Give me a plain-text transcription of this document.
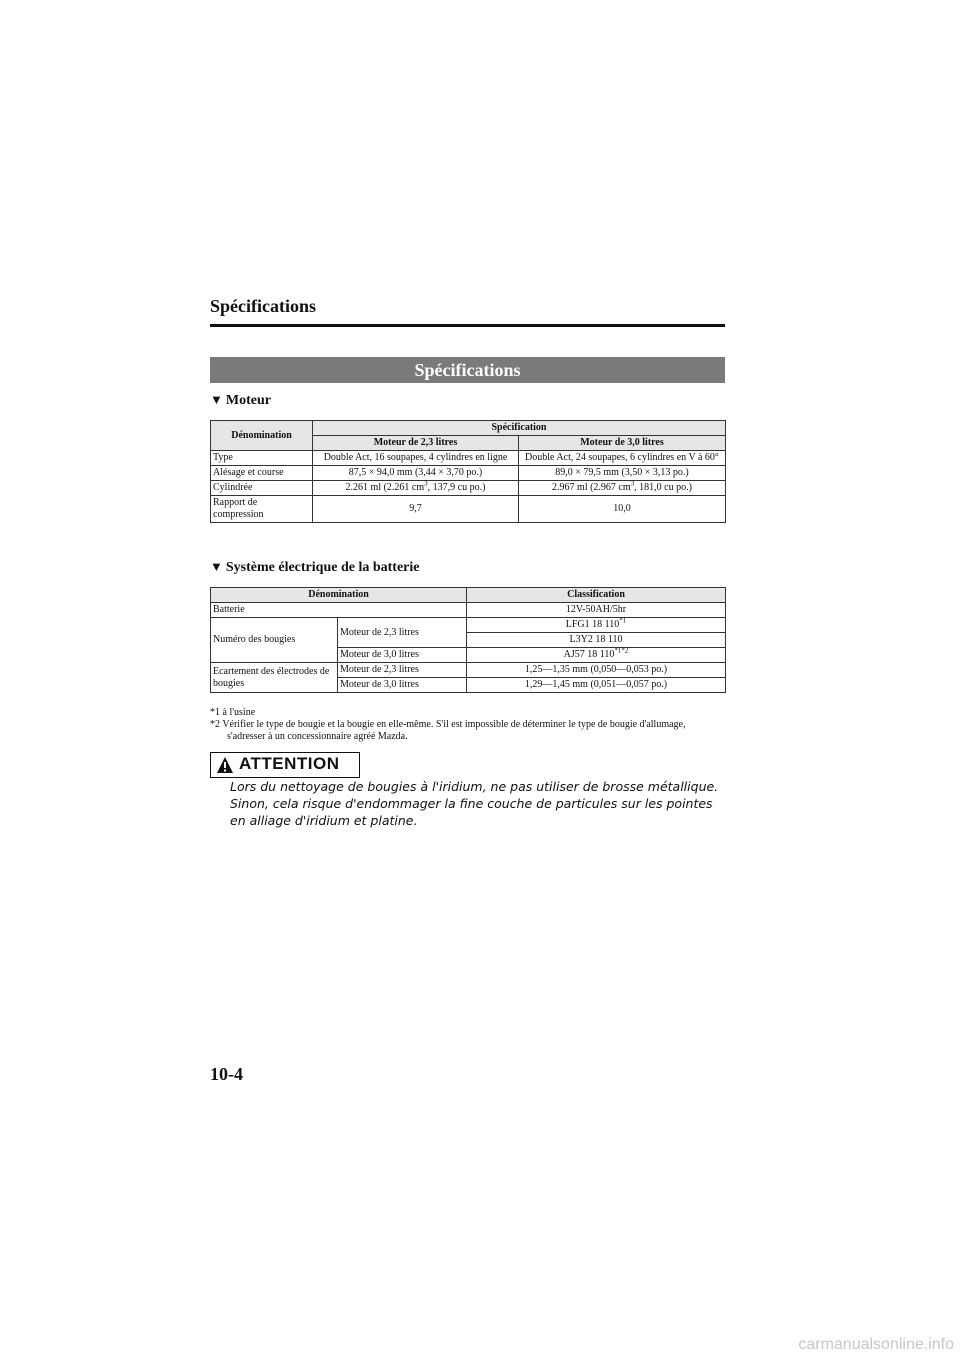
Spécifications
Spécifications
▼ Moteur
Dénomination	Spécification	
	Moteur de 2,3 litres	Moteur de 3,0 litres
Type	Double Act, 16 soupapes, 4 cylindres en ligne	Double Act, 24 soupapes, 6 cylindres en V à 60°
Alésage et course	87,5 × 94,0 mm (3,44 × 3,70 po.)	89,0 × 79,5 mm (3,50 × 3,13 po.)
Cylindrée	2.261 ml (2.261 $cm^3$, 137,9 cu po.)	2.967 ml (2.967 $cm^3$, 181,0 cu po.)
Rapport de compression	9,7	10,0
▼ Système électrique de la batterie
Dénomination		Classification
Batterie		12V-50AH/5hr
Numéro des bougies	Moteur de 2,3 litres	LFG1 18 110$^{*1}$
		L3Y2 18 110
	Moteur de 3,0 litres	AJ57 18 $110^{*1*2}$
Ecartement des électrodes de bougies	Moteur de 2,3 litres	1,25—1,35 mm (0,050—0,053 po.)
	Moteur de 3,0 litres	1,29—1,45 mm (0,051—0,057 po.)
*1 à l'usine
*2 Vérifier le type de bougie et la bougie en elle-même. S'il est impossible de déterminer le type de bougie d'allumage, s'adresser à un concessionnaire agréé Mazda.
ATTENTION
Lors du nettoyage de bougies à l'iridium, ne pas utiliser de brosse métallique. Sinon, cela risque d'endommager la fine couche de particules sur les pointes en alliage d'iridium et platine.
10-4
carmanualsonline.info
